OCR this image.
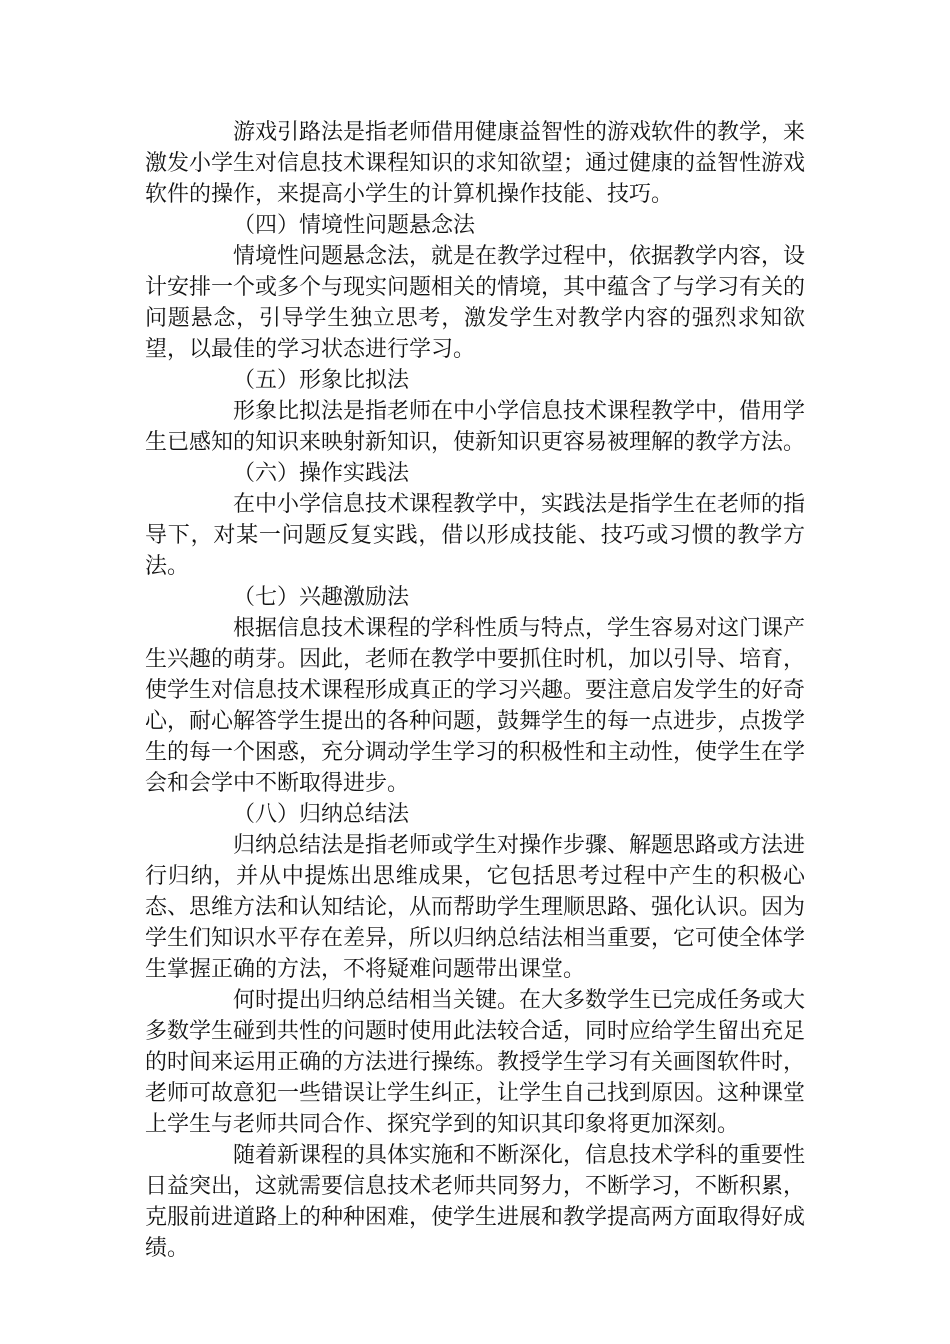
游戏引路法是指老师借用健康益智性的游戏软件的教学，来激发小学生对信息技术课程知识的求知欲望；通过健康的益智性游戏软件的操作，来提高小学生的计算机操作技能、技巧。

（四）情境性问题悬念法

情境性问题悬念法，就是在教学过程中，依据教学内容，设计安排一个或多个与现实问题相关的情境，其中蕴含了与学习有关的问题悬念，引导学生独立思考，激发学生对教学内容的强烈求知欲望，以最佳的学习状态进行学习。

（五）形象比拟法

形象比拟法是指老师在中小学信息技术课程教学中，借用学生已感知的知识来映射新知识，使新知识更容易被理解的教学方法。

（六）操作实践法

在中小学信息技术课程教学中，实践法是指学生在老师的指导下，对某一问题反复实践，借以形成技能、技巧或习惯的教学方法。

（七）兴趣激励法

根据信息技术课程的学科性质与特点，学生容易对这门课产生兴趣的萌芽。因此，老师在教学中要抓住时机，加以引导、培育，使学生对信息技术课程形成真正的学习兴趣。要注意启发学生的好奇心，耐心解答学生提出的各种问题，鼓舞学生的每一点进步，点拨学生的每一个困惑，充分调动学生学习的积极性和主动性，使学生在学会和会学中不断取得进步。

（八）归纳总结法

归纳总结法是指老师或学生对操作步骤、解题思路或方法进行归纳，并从中提炼出思维成果，它包括思考过程中产生的积极心态、思维方法和认知结论，从而帮助学生理顺思路、强化认识。因为学生们知识水平存在差异，所以归纳总结法相当重要，它可使全体学生掌握正确的方法，不将疑难问题带出课堂。

何时提出归纳总结相当关键。在大多数学生已完成任务或大多数学生碰到共性的问题时使用此法较合适，同时应给学生留出充足的时间来运用正确的方法进行操练。教授学生学习有关画图软件时，老师可故意犯一些错误让学生纠正，让学生自己找到原因。这种课堂上学生与老师共同合作、探究学到的知识其印象将更加深刻。

随着新课程的具体实施和不断深化，信息技术学科的重要性日益突出，这就需要信息技术老师共同努力，不断学习，不断积累，克服前进道路上的种种困难，使学生进展和教学提高两方面取得好成绩。
